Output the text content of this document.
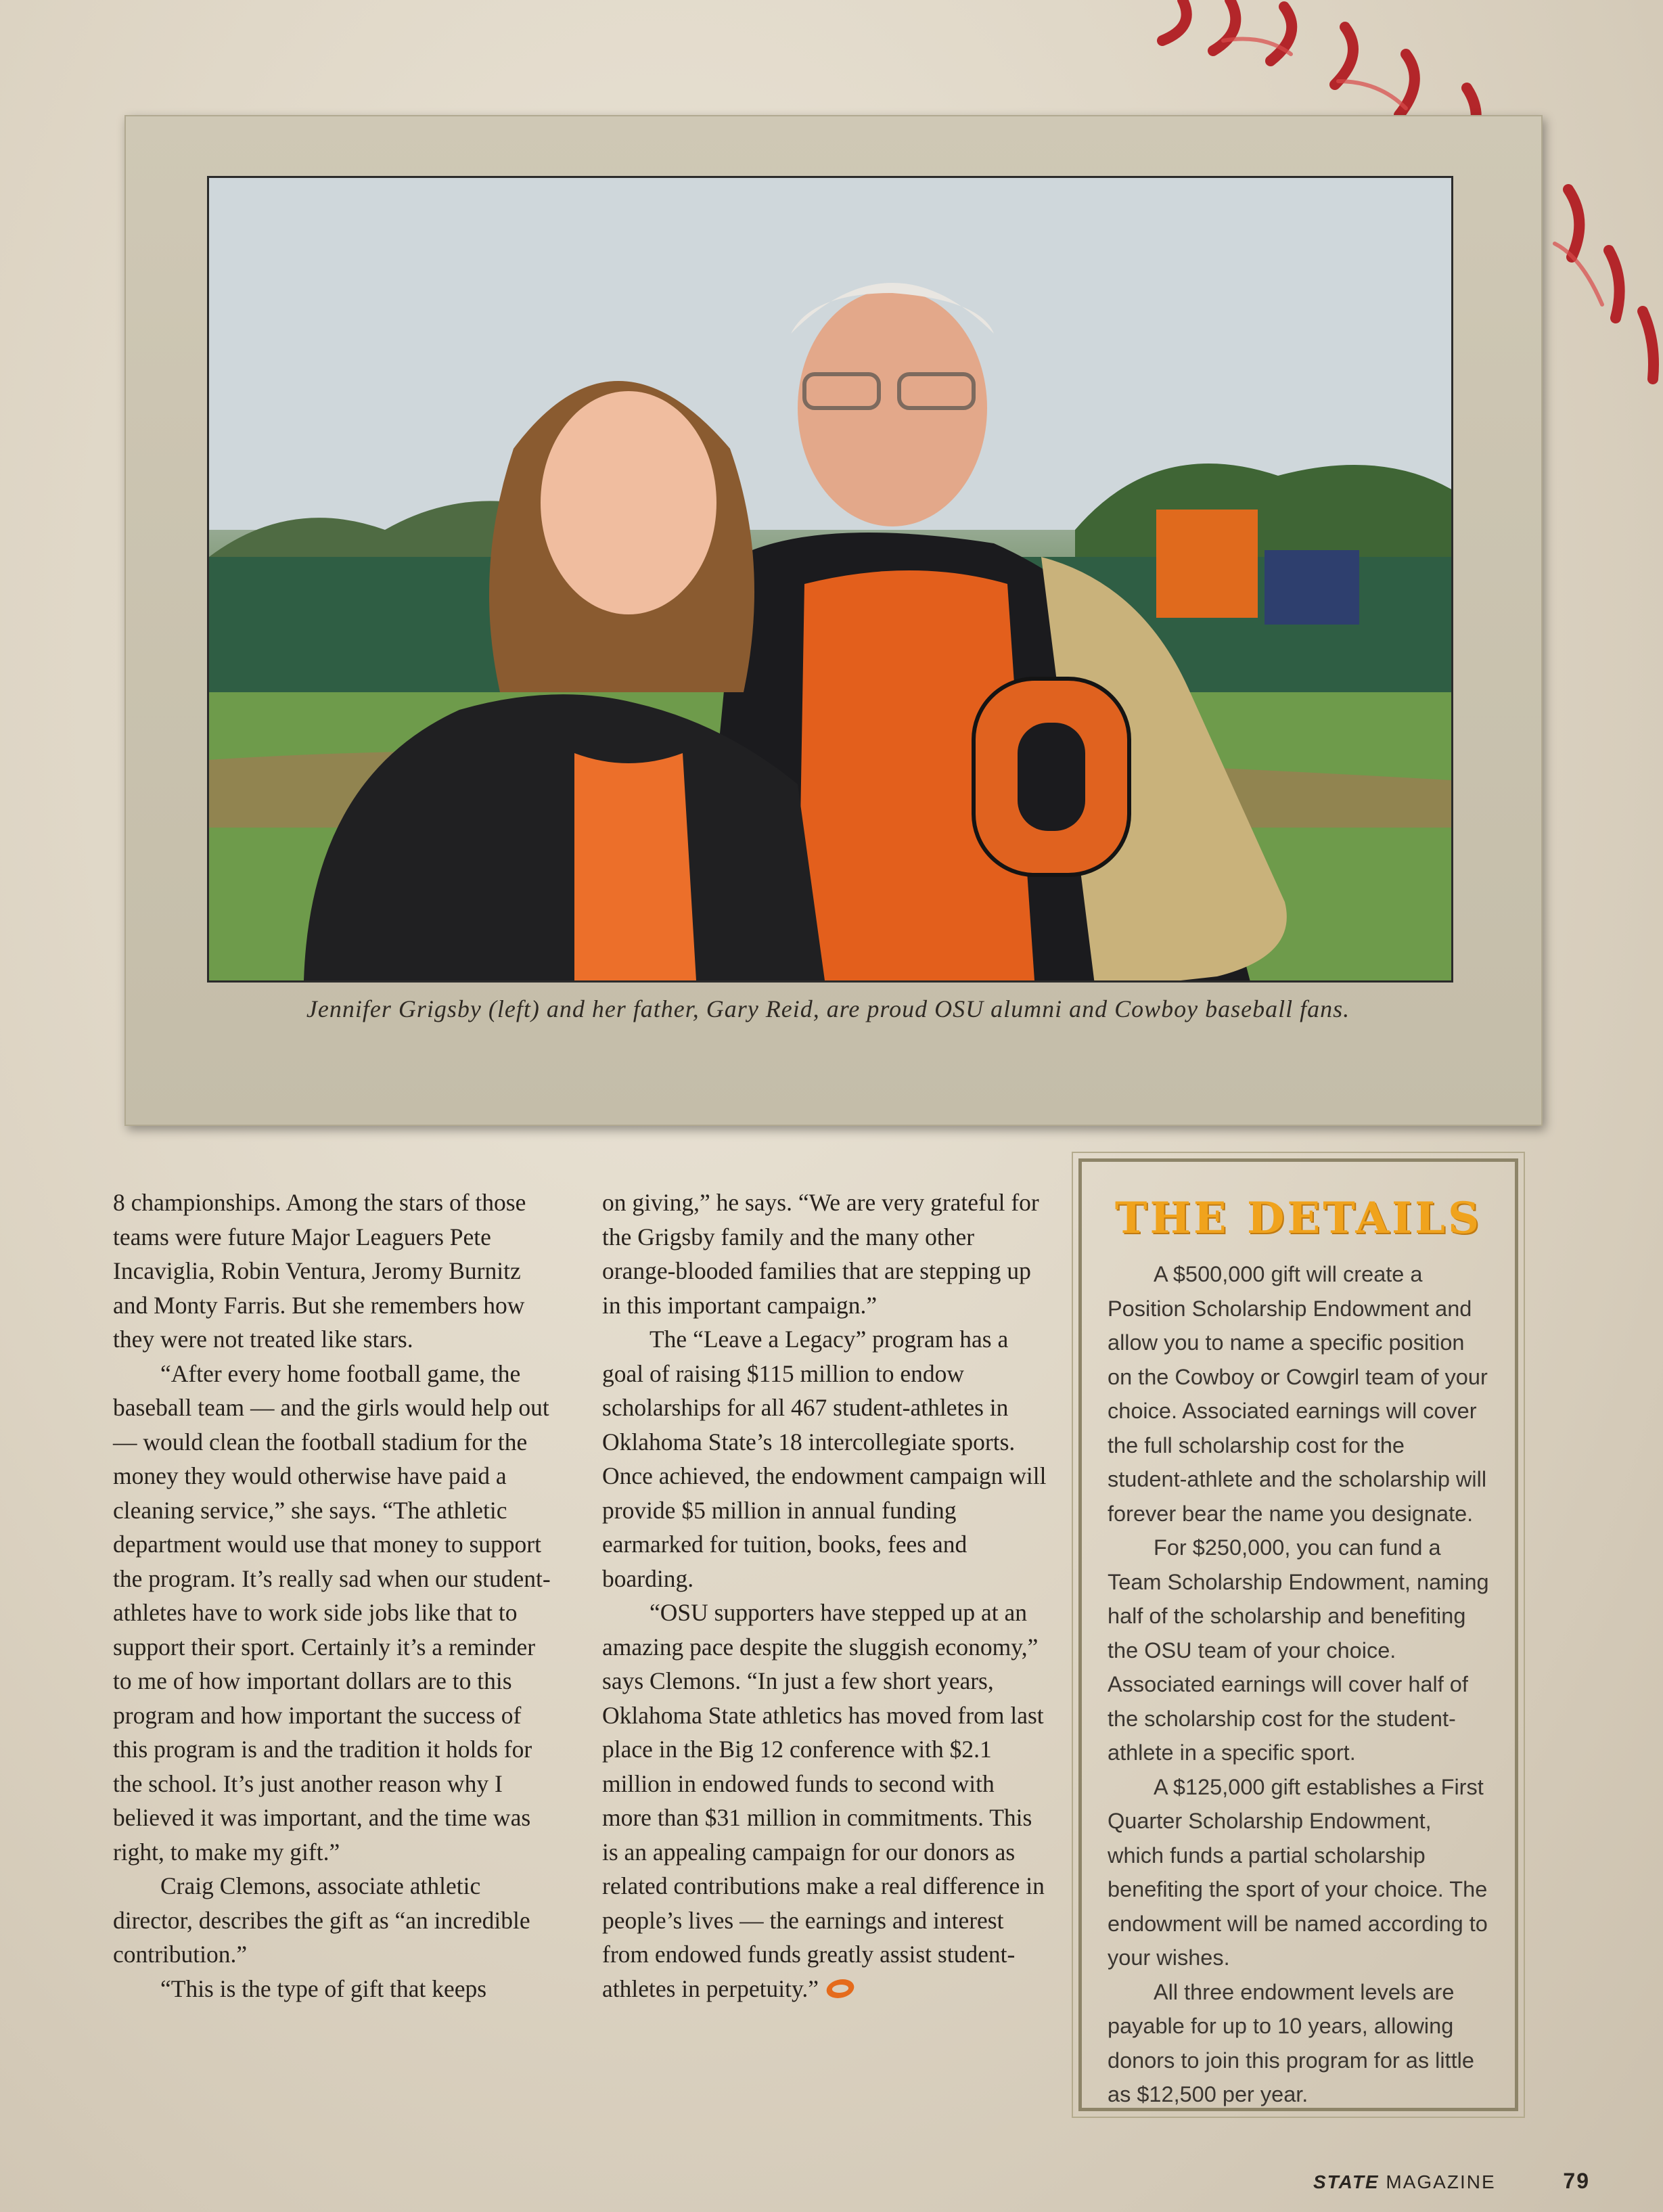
Jennifer Grigsby (left) and her father, Gary Reid, are proud OSU alumni and Cowboy baseball fans.

8 championships. Among the stars of those teams were future Major Leaguers Pete Incaviglia, Robin Ventura, Jeromy Burnitz and Monty Farris. But she remembers how they were not treated like stars.

“After every home football game, the baseball team — and the girls would help out — would clean the football stadium for the money they would otherwise have paid a cleaning service,” she says. “The athletic department would use that money to support the program. It’s really sad when our student-athletes have to work side jobs like that to support their sport. Certainly it’s a reminder to me of how important dollars are to this program and how important the success of this program is and the tradition it holds for the school. It’s just another reason why I believed it was important, and the time was right, to make my gift.”

Craig Clemons, associate athletic director, describes the gift as “an incredible contribution.”

“This is the type of gift that keeps

on giving,” he says. “We are very grateful for the Grigsby family and the many other orange-blooded families that are stepping up in this important campaign.”

The “Leave a Legacy” program has a goal of raising $115 million to endow scholarships for all 467 student-athletes in Oklahoma State’s 18 intercollegiate sports. Once achieved, the endowment campaign will provide $5 million in annual funding earmarked for tuition, books, fees and boarding.

“OSU supporters have stepped up at an amazing pace despite the sluggish economy,” says Clemons. “In just a few short years, Oklahoma State athletics has moved from last place in the Big 12 conference with $2.1 million in endowed funds to second with more than $31 million in commitments. This is an appealing campaign for our donors as related contributions make a real difference in people’s lives — the earnings and interest from endowed funds greatly assist student-athletes in perpetuity.”

THE DETAILS

A $500,000 gift will create a Position Scholarship Endowment and allow you to name a specific position on the Cowboy or Cowgirl team of your choice. Associated earnings will cover the full scholarship cost for the student-athlete and the scholarship will forever bear the name you designate.

For $250,000, you can fund a Team Scholarship Endowment, naming half of the scholarship and benefiting the OSU team of your choice. Associated earnings will cover half of the scholarship cost for the student-athlete in a specific sport.

A $125,000 gift establishes a First Quarter Scholarship Endowment, which funds a partial scholarship benefiting the sport of your choice. The endowment will be named according to your wishes.

All three endowment levels are payable for up to 10 years, allowing donors to join this program for as little as $12,500 per year.

STATE MAGAZINE	79
